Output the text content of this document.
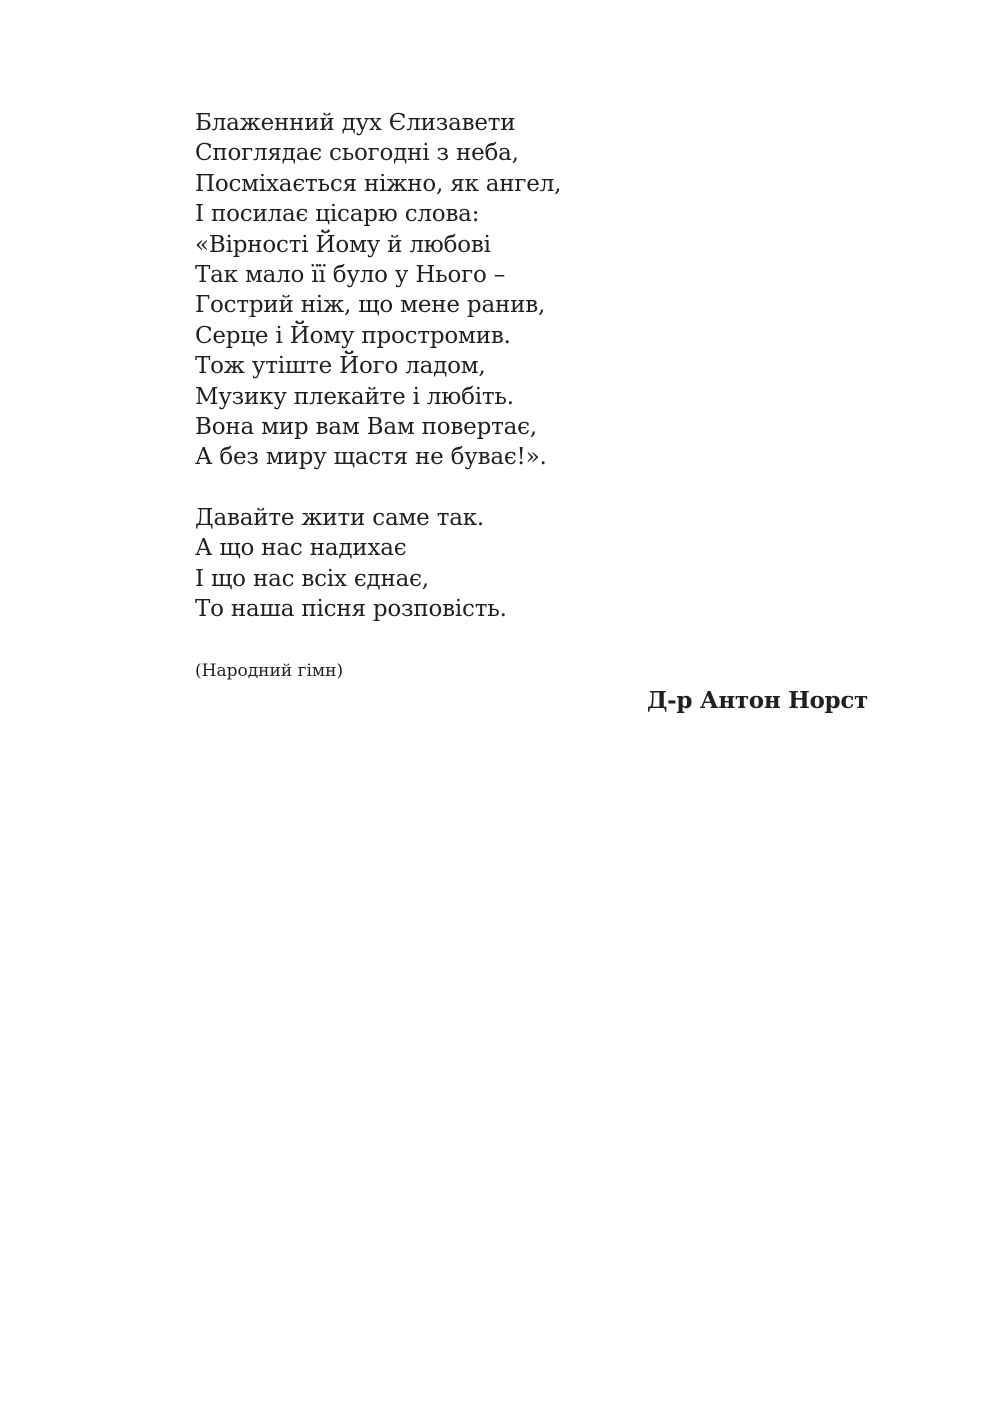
Блаженний дух Єлизавети
Споглядає сьогодні з неба,
Посміхається ніжно, як ангел,
І посилає цісарю слова:
«Вірності Йому й любові
Так мало її було у Нього –
Гострий ніж, що мене ранив,
Серце і Йому простромив.
Тож утіште Його ладом,
Музику плекайте і любіть.
Вона мир вам Вам повертає,
А без миру щастя не буває!».
Давайте жити саме так.
А що нас надихає
І що нас всіх єднає,
То наша пісня розповість.
(Народний гімн)
Д-р Антон Норст
